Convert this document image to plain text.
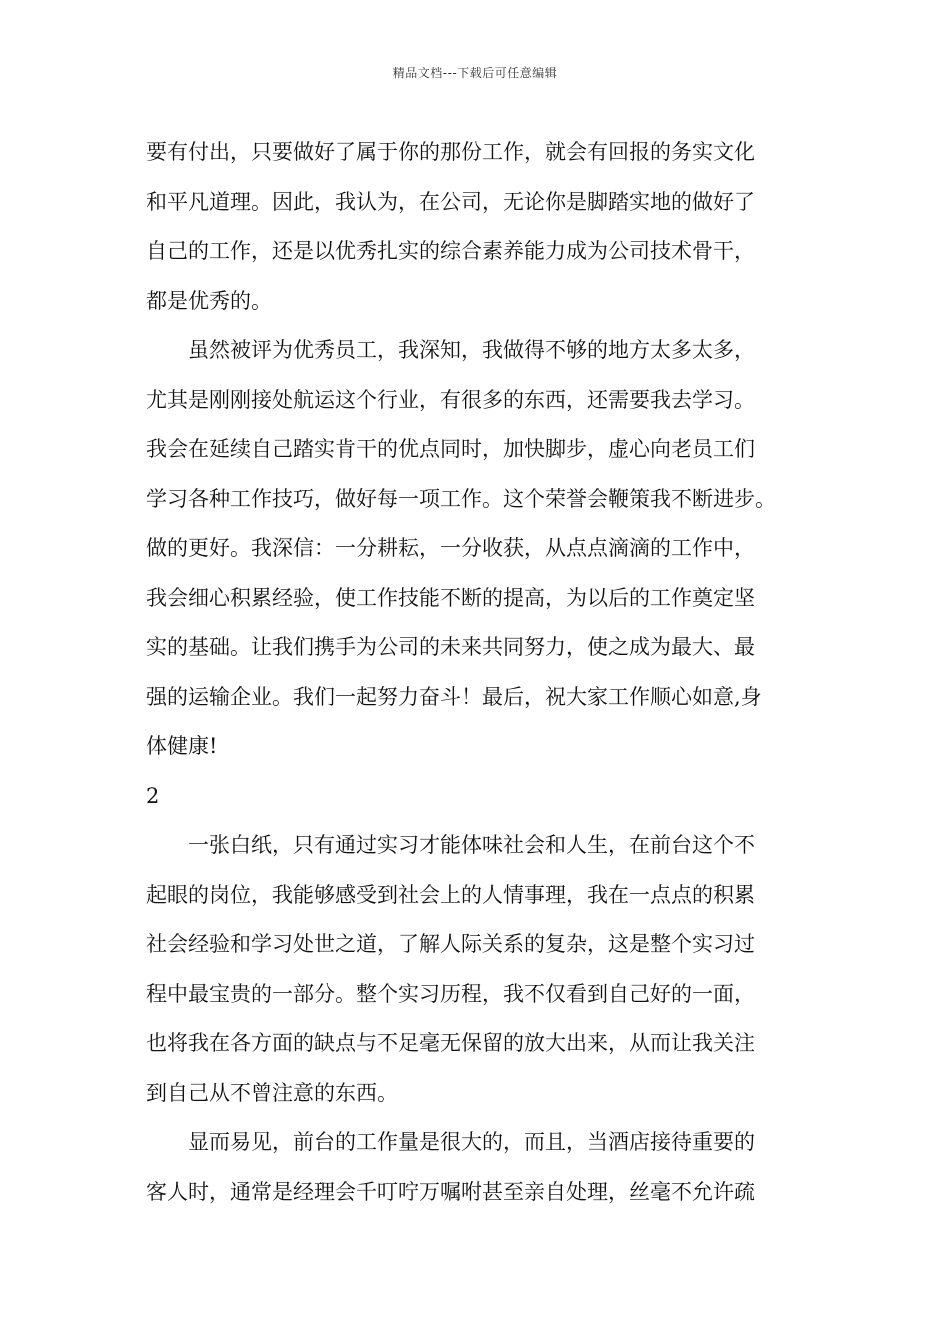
精品文档---下载后可任意编辑
要有付出，只要做好了属于你的那份工作，就会有回报的务实文化
和平凡道理。因此，我认为，在公司，无论你是脚踏实地的做好了
自己的工作，还是以优秀扎实的综合素养能力成为公司技术骨干，
都是优秀的。
虽然被评为优秀员工，我深知，我做得不够的地方太多太多，
尤其是刚刚接处航运这个行业，有很多的东西，还需要我去学习。
我会在延续自己踏实肯干的优点同时，加快脚步，虚心向老员工们
学习各种工作技巧，做好每一项工作。这个荣誉会鞭策我不断进步。
做的更好。我深信：一分耕耘，一分收获，从点点滴滴的工作中，
我会细心积累经验，使工作技能不断的提高，为以后的工作奠定坚
实的基础。让我们携手为公司的未来共同努力，使之成为最大、最
强的运输企业。我们一起努力奋斗！最后，祝大家工作顺心如意,身
体健康!
2
一张白纸，只有通过实习才能体味社会和人生，在前台这个不
起眼的岗位，我能够感受到社会上的人情事理，我在一点点的积累
社会经验和学习处世之道，了解人际关系的复杂，这是整个实习过
程中最宝贵的一部分。整个实习历程，我不仅看到自己好的一面，
也将我在各方面的缺点与不足毫无保留的放大出来，从而让我关注
到自己从不曾注意的东西。
显而易见，前台的工作量是很大的，而且，当酒店接待重要的
客人时，通常是经理会千叮咛万嘱咐甚至亲自处理，丝毫不允许疏
